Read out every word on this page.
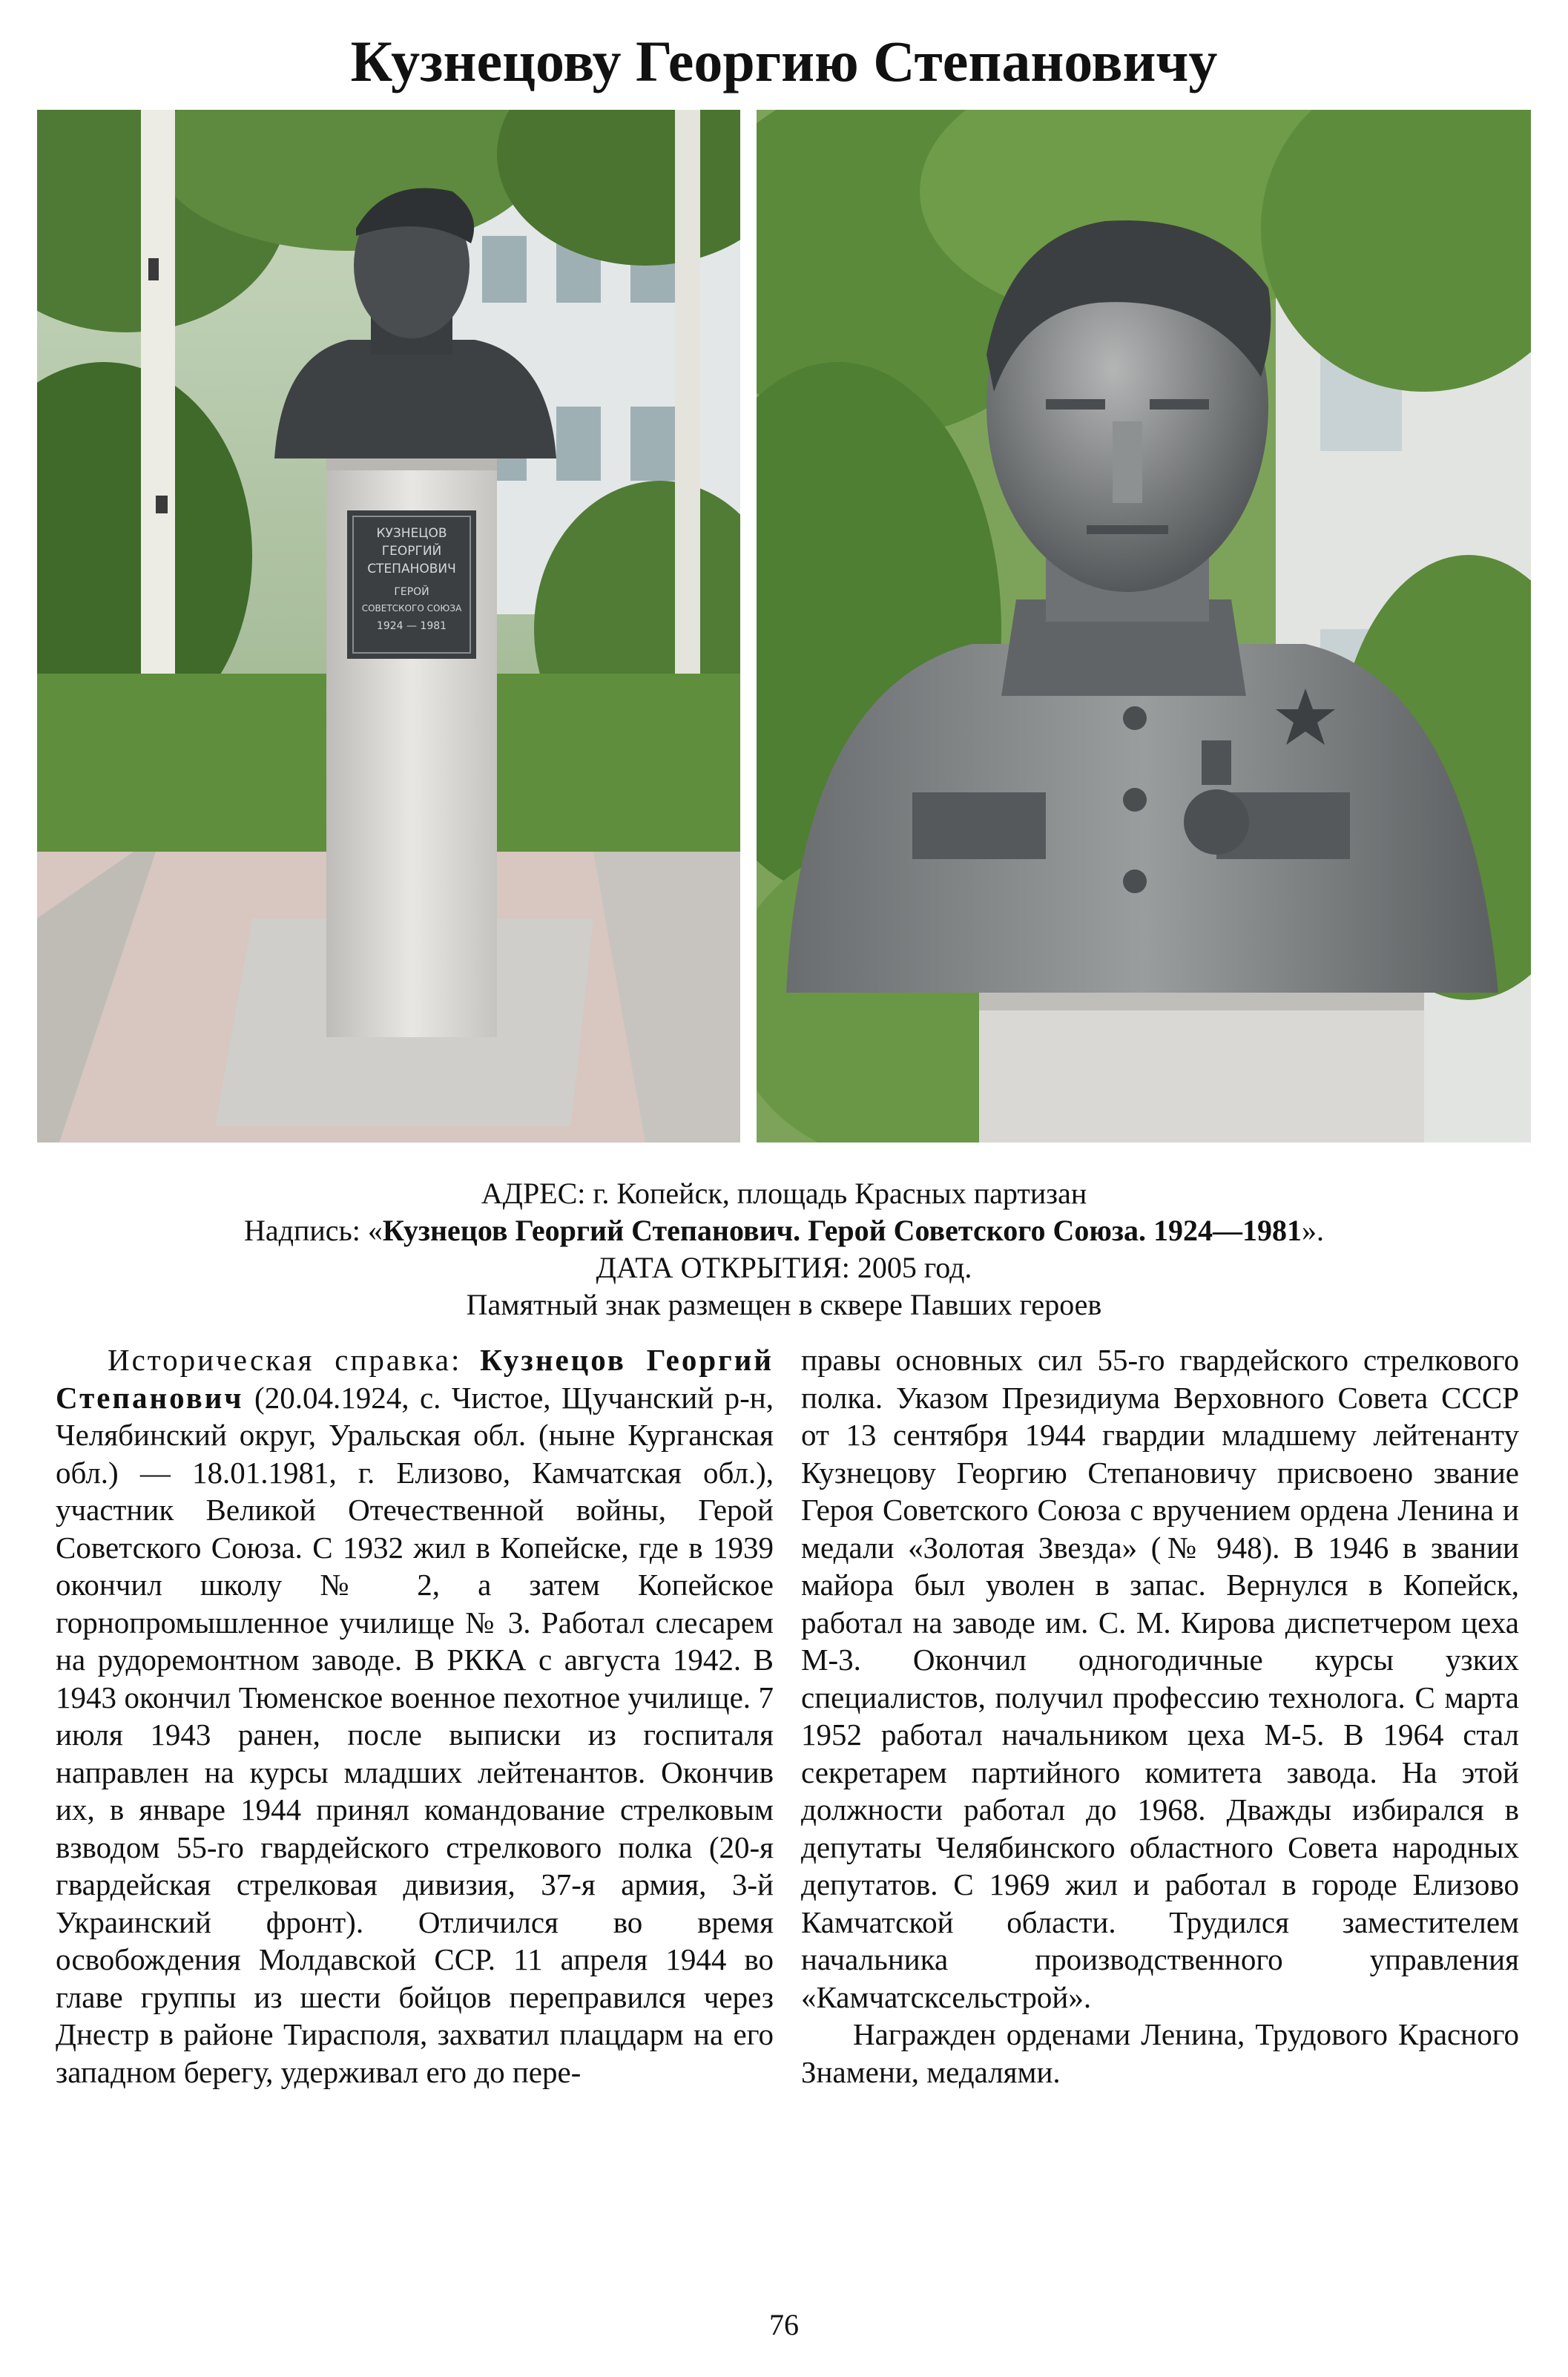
Кузнецову Георгию Степановичу
КУЗНЕЦОВ
ГЕОРГИЙ
СТЕПАНОВИЧ
ГЕРОЙ
СОВЕТСКОГО СОЮЗА
1924 — 1981
АДРЕС: г. Копейск, площадь Красных партизан
Надпись: «Кузнецов Георгий Степанович. Герой Советского Союза. 1924—1981».
ДАТА ОТКРЫТИЯ: 2005 год.
Памятный знак размещен в сквере Павших героев

Историческая справка: Кузнецов Георгий Степанович (20.04.1924, с. Чистое, Щучанский р-н, Челябинский округ, Уральская обл. (ныне Курганская обл.) — 18.01.1981, г. Елизово, Камчатская обл.), участник Великой Отечественной войны, Герой Советского Союза. С 1932 жил в Копейске, где в 1939 окончил школу № 2, а затем Копейское горнопромышленное училище № 3. Работал слесарем на рудоремонтном заводе. В РККА с августа 1942. В 1943 окончил Тюменское военное пехотное училище. 7 июля 1943 ранен, после выписки из госпиталя направлен на курсы младших лейтенантов. Окончив их, в январе 1944 принял командование стрелковым взводом 55-го гвардейского стрелкового полка (20-я гвардейская стрелковая дивизия, 37-я армия, 3-й Украинский фронт). Отличился во время освобождения Молдавской ССР. 11 апреля 1944 во главе группы из шести бойцов переправился через Днестр в районе Тирасполя, захватил плацдарм на его западном берегу, удерживал его до пере-

правы основных сил 55-го гвардейского стрелкового полка. Указом Президиума Верховного Совета СССР от 13 сентября 1944 гвардии младшему лейтенанту Кузнецову Георгию Степановичу присвоено звание Героя Советского Союза с вручением ордена Ленина и медали «Золотая Звезда» (№ 948). В 1946 в звании майора был уволен в запас. Вернулся в Копейск, работал на заводе им. С. М. Кирова диспетчером цеха М-3. Окончил одногодичные курсы узких специалистов, получил профессию технолога. С марта 1952 работал начальником цеха М-5. В 1964 стал секретарем партийного комитета завода. На этой должности работал до 1968. Дважды избирался в депутаты Челябинского областного Совета народных депутатов. С 1969 жил и работал в городе Елизово Камчатской области. Трудился заместителем начальника производственного управления «Камчатсксельстрой».

Награжден орденами Ленина, Трудового Красного Знамени, медалями.

76
